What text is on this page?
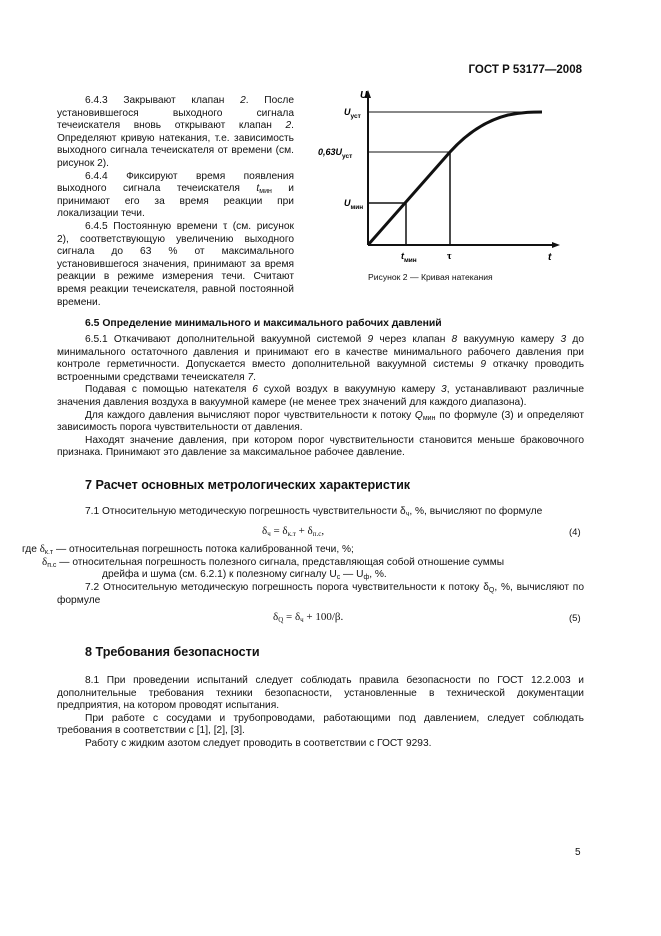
ГОСТ Р 53177—2008

6.4.3 Закрывают клапан 2. После установившегося выходного сигнала течеискателя вновь открывают клапан 2. Определяют кривую натекания, т.е. зависимость выходного сигнала течеискателя от времени (см. рисунок 2).

6.4.4 Фиксируют время появления выходного сигнала течеискателя $t_{мин}$ и принимают его за время реакции при локализации течи.

6.4.5 Постоянную времени τ (см. рисунок 2), соответствующую увеличению выходного сигнала до 63 % от максимального установившегося значения, принимают за время реакции в режиме измерения течи. Считают время реакции течеискателя, равной постоянной времени.

U
$U_{уст}$
$0,63U_{уст}$
$U_{мин}$
$t_{мин}$	τ	t
Рисунок 2 — Кривая натекания
6.5 Определение минимального и максимального рабочих давлений

6.5.1 Откачивают дополнительной вакуумной системой 9 через клапан 8 вакуумную камеру 3 до минимального остаточного давления и принимают его в качестве минимального рабочего давления при контроле герметичности. Допускается вместо дополнительной вакуумной системы 9 откачку проводить встроенными средствами течеискателя 7.

Подавая с помощью натекателя 6 сухой воздух в вакуумную камеру 3, устанавливают различные значения давления воздуха в вакуумной камере (не менее трех значений для каждого диапазона).

Для каждого давления вычисляют порог чувствительности к потоку $Q_{мин}$ по формуле (3) и определяют зависимость порога чувствительности от давления.

Находят значение давления, при котором порог чувствительности становится меньше браковочного признака. Принимают это давление за максимальное рабочее давление.

7 Расчет основных метрологических характеристик

7.1 Относительную методическую погрешность чувствительности $\delta_ч$, %, вычисляют по формуле

$\delta_ч = \delta_{к.т} + \delta_{п.с}$,	(4)
где $\delta_{к.т}$ — относительная погрешность потока калиброванной течи, %;
$\delta_{п.с}$ — относительная погрешность полезного сигнала, представляющая собой отношение суммы
дрейфа и шума (см. 6.2.1) к полезному сигналу $U_с$ — $U_ф$, %.

7.2 Относительную методическую погрешность порога чувствительности к потоку $\delta_Q$, %, вычисляют по формуле

$\delta_Q = \delta_ч + 100/\beta$.	(5)
8 Требования безопасности

8.1 При проведении испытаний следует соблюдать правила безопасности по ГОСТ 12.2.003 и дополнительные требования техники безопасности, установленные в технической документации предприятия, на котором проводят испытания.

При работе с сосудами и трубопроводами, работающими под давлением, следует соблюдать требования в соответствии с [1], [2], [3].

Работу с жидким азотом следует проводить в соответствии с ГОСТ 9293.

5
